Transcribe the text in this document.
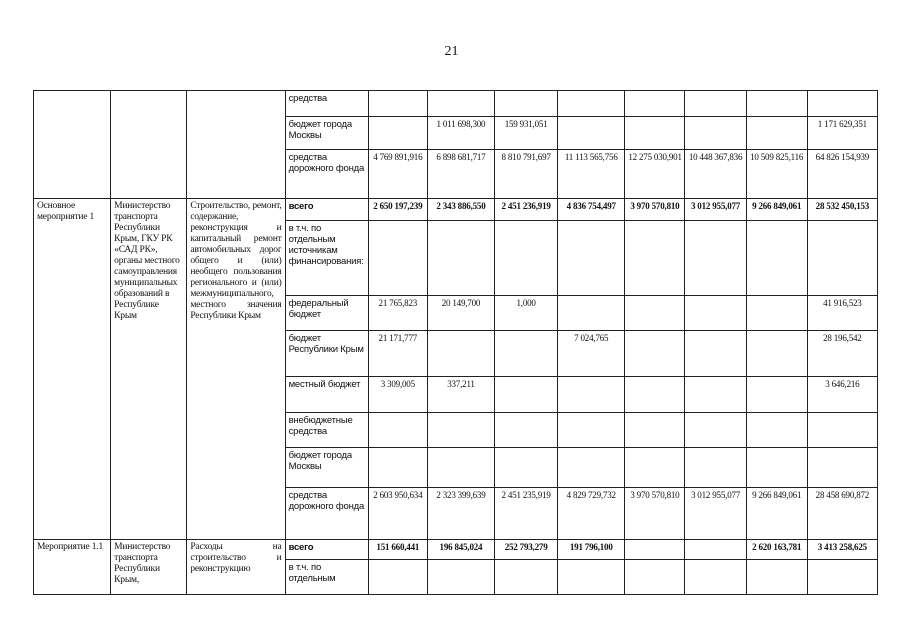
21
			средства								
			бюджет города Москвы		1 011 698,300	159 931,051					1 171 629,351
			средства дорожного фонда	4 769 891,916	6 898 681,717	8 810 791,697	11 113 565,756	12 275 030,901	10 448 367,836	10 509 825,116	64 826 154,939
Основное мероприятие 1	Министерство транспорта Республики Крым, ГКУ РК «САД РК», органы местного самоуправления муниципальных образований в Республике Крым	Строительство, ремонт, содержание, реконструкция и капитальный ремонт автомобильных дорог общего и (или) необщего пользования регионального и (или) межмуниципального, местного значения Республики Крым	всего	2 650 197,239	2 343 886,550	2 451 236,919	4 836 754,497	3 970 570,810	3 012 955,077	9 266 849,061	28 532 450,153
			в т.ч. по отдельным источникам финансирования:								
			федеральный бюджет	21 765,823	20 149,700	1,000					41 916,523
			бюджет Республики Крым	21 171,777			7 024,765				28 196,542
			местный бюджет	3 309,005	337,211						3 646,216
			внебюджетные средства								
			бюджет города Москвы								
			средства дорожного фонда	2 603 950,634	2 323 399,639	2 451 235,919	4 829 729,732	3 970 570,810	3 012 955,077	9 266 849,061	28 458 690,872
Мероприятие 1.1	Министерство транспорта Республики Крым,	Расходы на строительство и реконструкцию	всего	151 660,441	196 845,024	252 793,279	191 796,100			2 620 163,781	3 413 258,625
			в т.ч. по отдельным								
